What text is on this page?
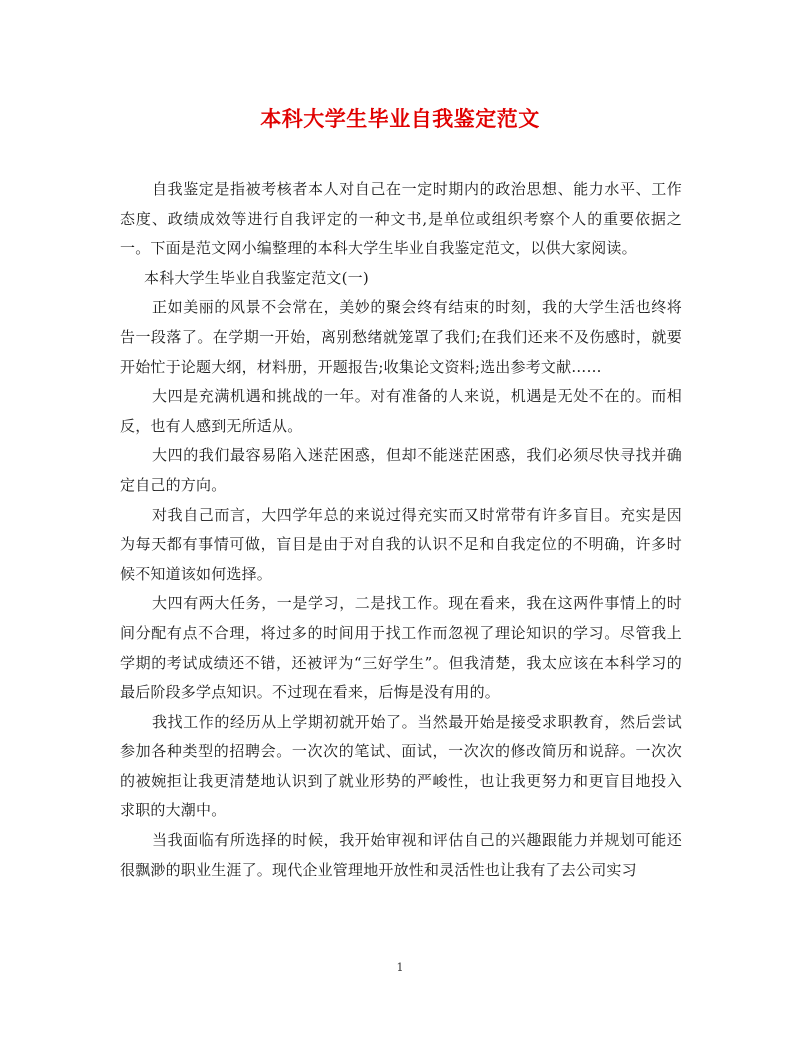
本科大学生毕业自我鉴定范文

自我鉴定是指被考核者本人对自己在一定时期内的政治思想、能力水平、工作态度、政绩成效等进行自我评定的一种文书,是单位或组织考察个人的重要依据之一。下面是范文网小编整理的本科大学生毕业自我鉴定范文，以供大家阅读。

本科大学生毕业自我鉴定范文(一)

正如美丽的风景不会常在，美妙的聚会终有结束的时刻，我的大学生活也终将告一段落了。在学期一开始，离别愁绪就笼罩了我们;在我们还来不及伤感时，就要开始忙于论题大纲，材料册，开题报告;收集论文资料;选出参考文献……

大四是充满机遇和挑战的一年。对有准备的人来说，机遇是无处不在的。而相反，也有人感到无所适从。

大四的我们最容易陷入迷茫困惑，但却不能迷茫困惑，我们必须尽快寻找并确定自己的方向。

对我自己而言，大四学年总的来说过得充实而又时常带有许多盲目。充实是因为每天都有事情可做，盲目是由于对自我的认识不足和自我定位的不明确，许多时候不知道该如何选择。

大四有两大任务，一是学习，二是找工作。现在看来，我在这两件事情上的时间分配有点不合理，将过多的时间用于找工作而忽视了理论知识的学习。尽管我上学期的考试成绩还不错，还被评为“三好学生”。但我清楚，我太应该在本科学习的最后阶段多学点知识。不过现在看来，后悔是没有用的。

我找工作的经历从上学期初就开始了。当然最开始是接受求职教育，然后尝试参加各种类型的招聘会。一次次的笔试、面试，一次次的修改简历和说辞。一次次的被婉拒让我更清楚地认识到了就业形势的严峻性，也让我更努力和更盲目地投入求职的大潮中。

当我面临有所选择的时候，我开始审视和评估自己的兴趣跟能力并规划可能还很飘渺的职业生涯了。现代企业管理地开放性和灵活性也让我有了去公司实习

1
